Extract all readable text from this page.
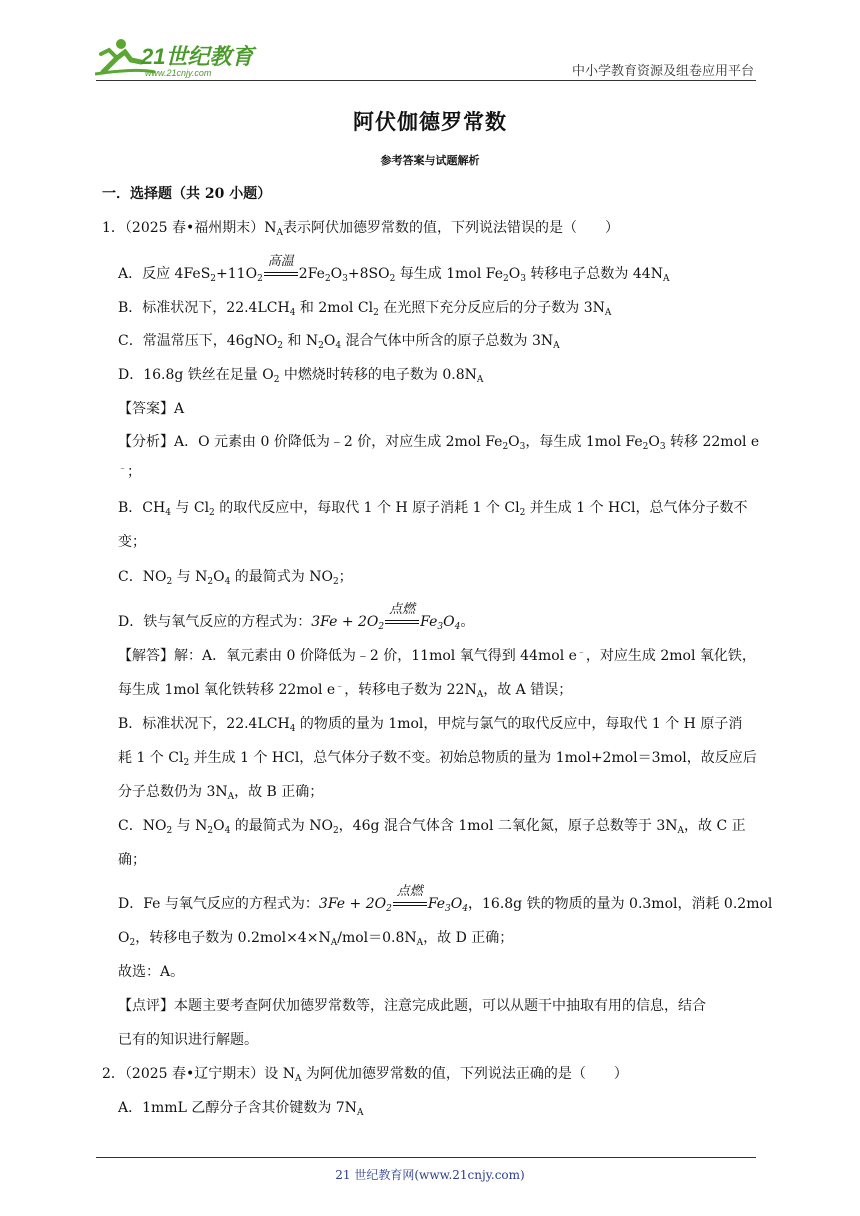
21世纪教育
www.21cnjy.com	中小学教育资源及组卷应用平台
阿伏伽德罗常数
参考答案与试题解析
一．选择题（共 20 小题）
1．（2025 春•福州期末）$N_A$表示阿伏加德罗常数的值，下列说法错误的是（　　）
A．反应 $4FeS_2+11O_2$
高温
$2Fe_2O_3+8SO_2$ 每生成 1mol $Fe_2O_3$ 转移电子总数为 $44N_A$
B．标准状况下，$22.4LCH_4$ 和 2mol $Cl_2$ 在光照下充分反应后的分子数为 $3N_A$
C．常温常压下，46gNO$_2$ 和 $N_2O_4$ 混合气体中所含的原子总数为 $3N_A$
D．16.8g 铁丝在足量 $O_2$ 中燃烧时转移的电子数为 $0.8N_A$
【答案】A
【分析】A．O 元素由 0 价降低为﹣2 价，对应生成 2mol $Fe_2O_3$，每生成 1mol $Fe_2O_3$ 转移 22mol e
﹣；
B．$CH_4$ 与 $Cl_2$ 的取代反应中，每取代 1 个 H 原子消耗 1 个 $Cl_2$ 并生成 1 个 HCl，总气体分子数不
变；
C．$NO_2$ 与 $N_2O_4$ 的最简式为 $NO_2$；
D．铁与氧气反应的方程式为：$3Fe + 2O_2$
点燃
$Fe_3O_4$。
【解答】解：A．氧元素由 0 价降低为﹣2 价，11mol 氧气得到 44mol e﹣，对应生成 2mol 氧化铁，
每生成 1mol 氧化铁转移 22mol e﹣，转移电子数为 $22N_A$，故 A 错误；
B．标准状况下，$22.4LCH_4$ 的物质的量为 1mol，甲烷与氯气的取代反应中，每取代 1 个 H 原子消
耗 1 个 $Cl_2$ 并生成 1 个 HCl，总气体分子数不变。初始总物质的量为 1mol+2mol＝3mol，故反应后
分子总数仍为 $3N_A$，故 B 正确；
C．$NO_2$ 与 $N_2O_4$ 的最简式为 $NO_2$，46g 混合气体含 1mol 二氧化氮，原子总数等于 $3N_A$，故 C 正
确；
D．Fe 与氧气反应的方程式为：$3Fe + 2O_2$
点燃
$Fe_3O_4$，16.8g 铁的物质的量为 0.3mol，消耗 0.2mol
$O_2$，转移电子数为 $0.2mol\times 4\times N_A/mol=0.8N_A$，故 D 正确；
故选：A。
【点评】本题主要考查阿伏加德罗常数等，注意完成此题，可以从题干中抽取有用的信息，结合
已有的知识进行解题。
2．（2025 春•辽宁期末）设 $N_A$ 为阿优加德罗常数的值，下列说法正确的是（　　）
A．1mmL 乙醇分子含其价键数为 $7N_A$
21 世纪教育网(www.21cnjy.com)
